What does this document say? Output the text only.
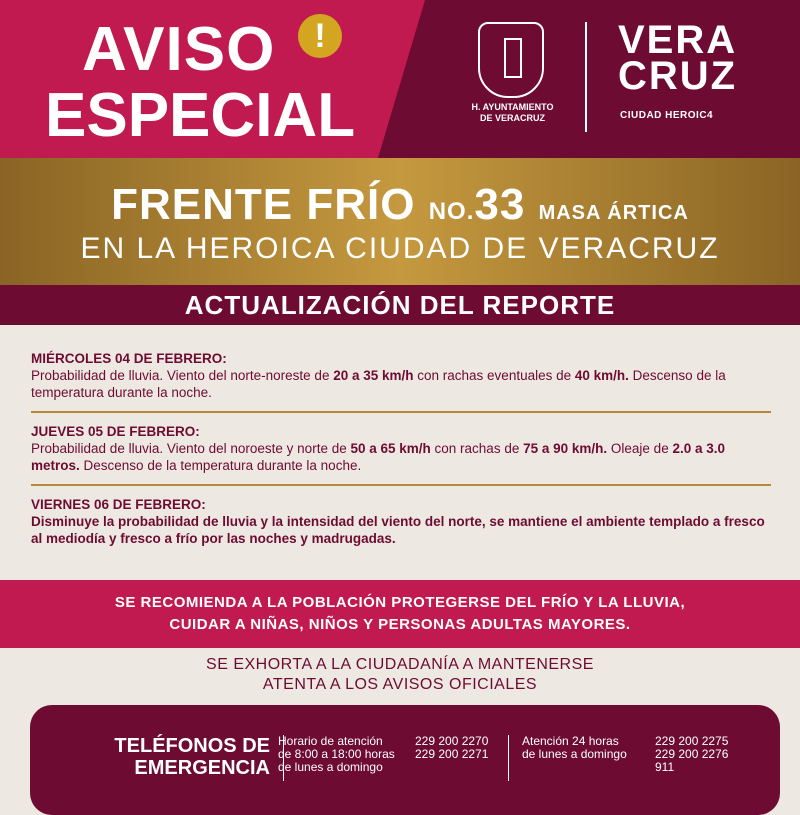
AVISO	!
ESPECIAL	H. AYUNTAMIENTO
DE VERACRUZ
VERA
CRUZ
CIUDAD HEROIC4
FRENTE FRÍO NO.33 MASA ÁRTICA
EN LA HEROICA CIUDAD DE VERACRUZ
ACTUALIZACIÓN DEL REPORTE
MIÉRCOLES 04 DE FEBRERO:

Probabilidad de lluvia. Viento del norte-noreste de 20 a 35 km/h con rachas eventuales de 40 km/h. Descenso de la temperatura durante la noche.

JUEVES 05 DE FEBRERO:

Probabilidad de lluvia. Viento del noroeste y norte de 50 a 65 km/h con rachas de 75 a 90 km/h. Oleaje de 2.0 a 3.0 metros. Descenso de la temperatura durante la noche.

VIERNES 06 DE FEBRERO:

Disminuye la probabilidad de lluvia y la intensidad del viento del norte, se mantiene el ambiente templado a fresco al mediodía y fresco a frío por las noches y madrugadas.

SE RECOMIENDA A LA POBLACIÓN PROTEGERSE DEL FRÍO Y LA LLUVIA,
CUIDAR A NIÑAS, NIÑOS Y PERSONAS ADULTAS MAYORES.
SE EXHORTA A LA CIUDADANÍA A MANTENERSE
ATENTA A LOS AVISOS OFICIALES
TELÉFONOS DE
EMERGENCIA
Horario de atención
de 8:00 a 18:00 horas
de lunes a domingo
229 200 2270
229 200 2271
Atención 24 horas
de lunes a domingo
229 200 2275
229 200 2276
911
